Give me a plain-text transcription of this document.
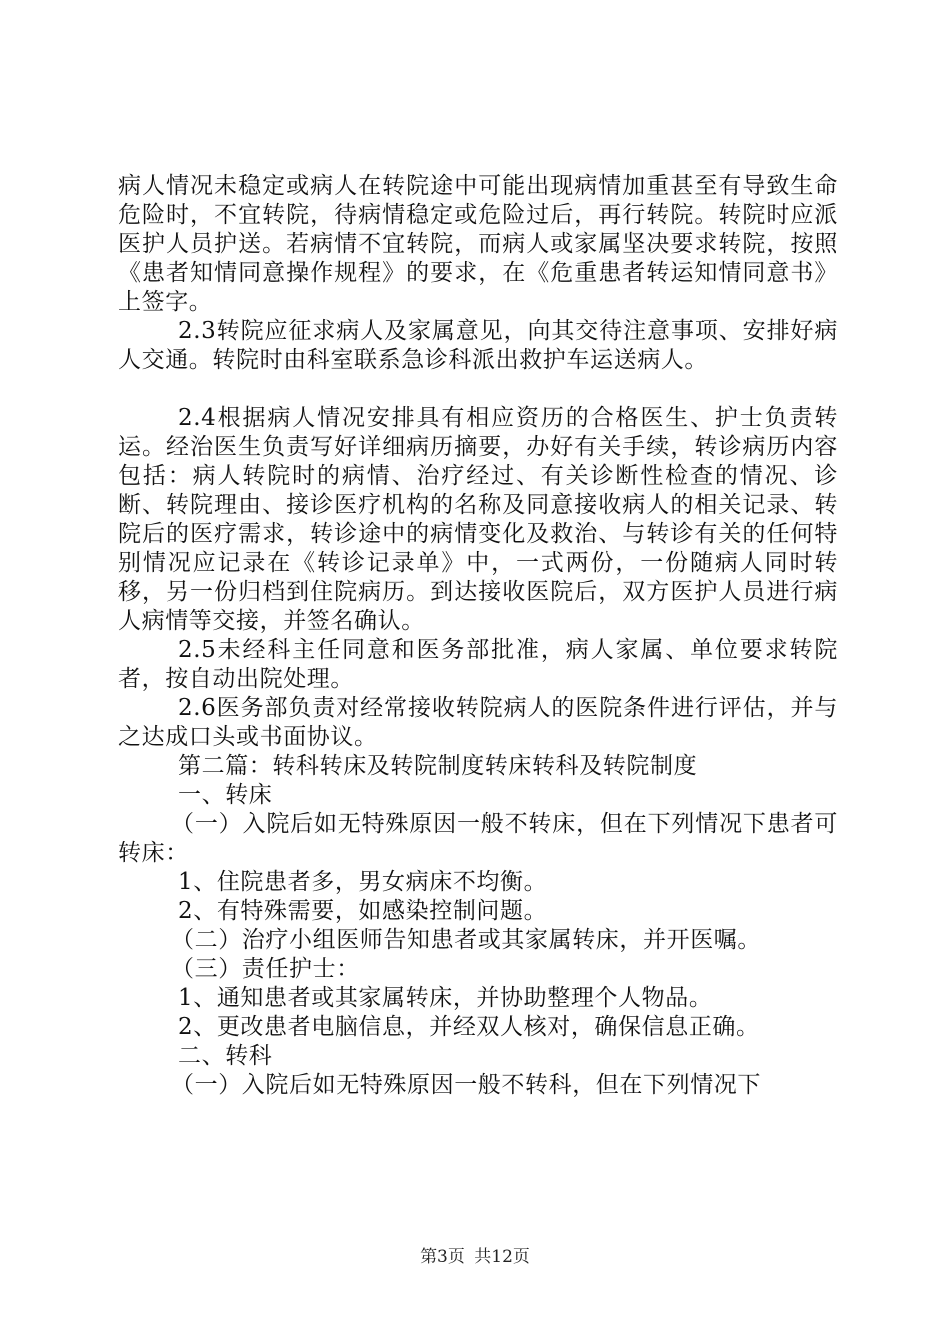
病人情况未稳定或病人在转院途中可能出现病情加重甚至有导致生命危险时，不宜转院，待病情稳定或危险过后，再行转院。转院时应派医护人员护送。若病情不宜转院，而病人或家属坚决要求转院，按照《患者知情同意操作规程》的要求，在《危重患者转运知情同意书》上签字。

2.3转院应征求病人及家属意见，向其交待注意事项、安排好病人交通。转院时由科室联系急诊科派出救护车运送病人。

2.4根据病人情况安排具有相应资历的合格医生、护士负责转运。经治医生负责写好详细病历摘要，办好有关手续，转诊病历内容包括：病人转院时的病情、治疗经过、有关诊断性检查的情况、诊断、转院理由、接诊医疗机构的名称及同意接收病人的相关记录、转院后的医疗需求，转诊途中的病情变化及救治、与转诊有关的任何特别情况应记录在《转诊记录单》中，一式两份，一份随病人同时转移，另一份归档到住院病历。到达接收医院后，双方医护人员进行病人病情等交接，并签名确认。

2.5未经科主任同意和医务部批准，病人家属、单位要求转院者，按自动出院处理。

2.6医务部负责对经常接收转院病人的医院条件进行评估，并与之达成口头或书面协议。

第二篇：转科转床及转院制度转床转科及转院制度

一、转床

（一）入院后如无特殊原因一般不转床，但在下列情况下患者可转床：

1、住院患者多，男女病床不均衡。

2、有特殊需要，如感染控制问题。

（二）治疗小组医师告知患者或其家属转床，并开医嘱。

（三）责任护士：

1、通知患者或其家属转床，并协助整理个人物品。

2、更改患者电脑信息，并经双人核对，确保信息正确。

二、转科

（一）入院后如无特殊原因一般不转科，但在下列情况下

第3页 共12页
